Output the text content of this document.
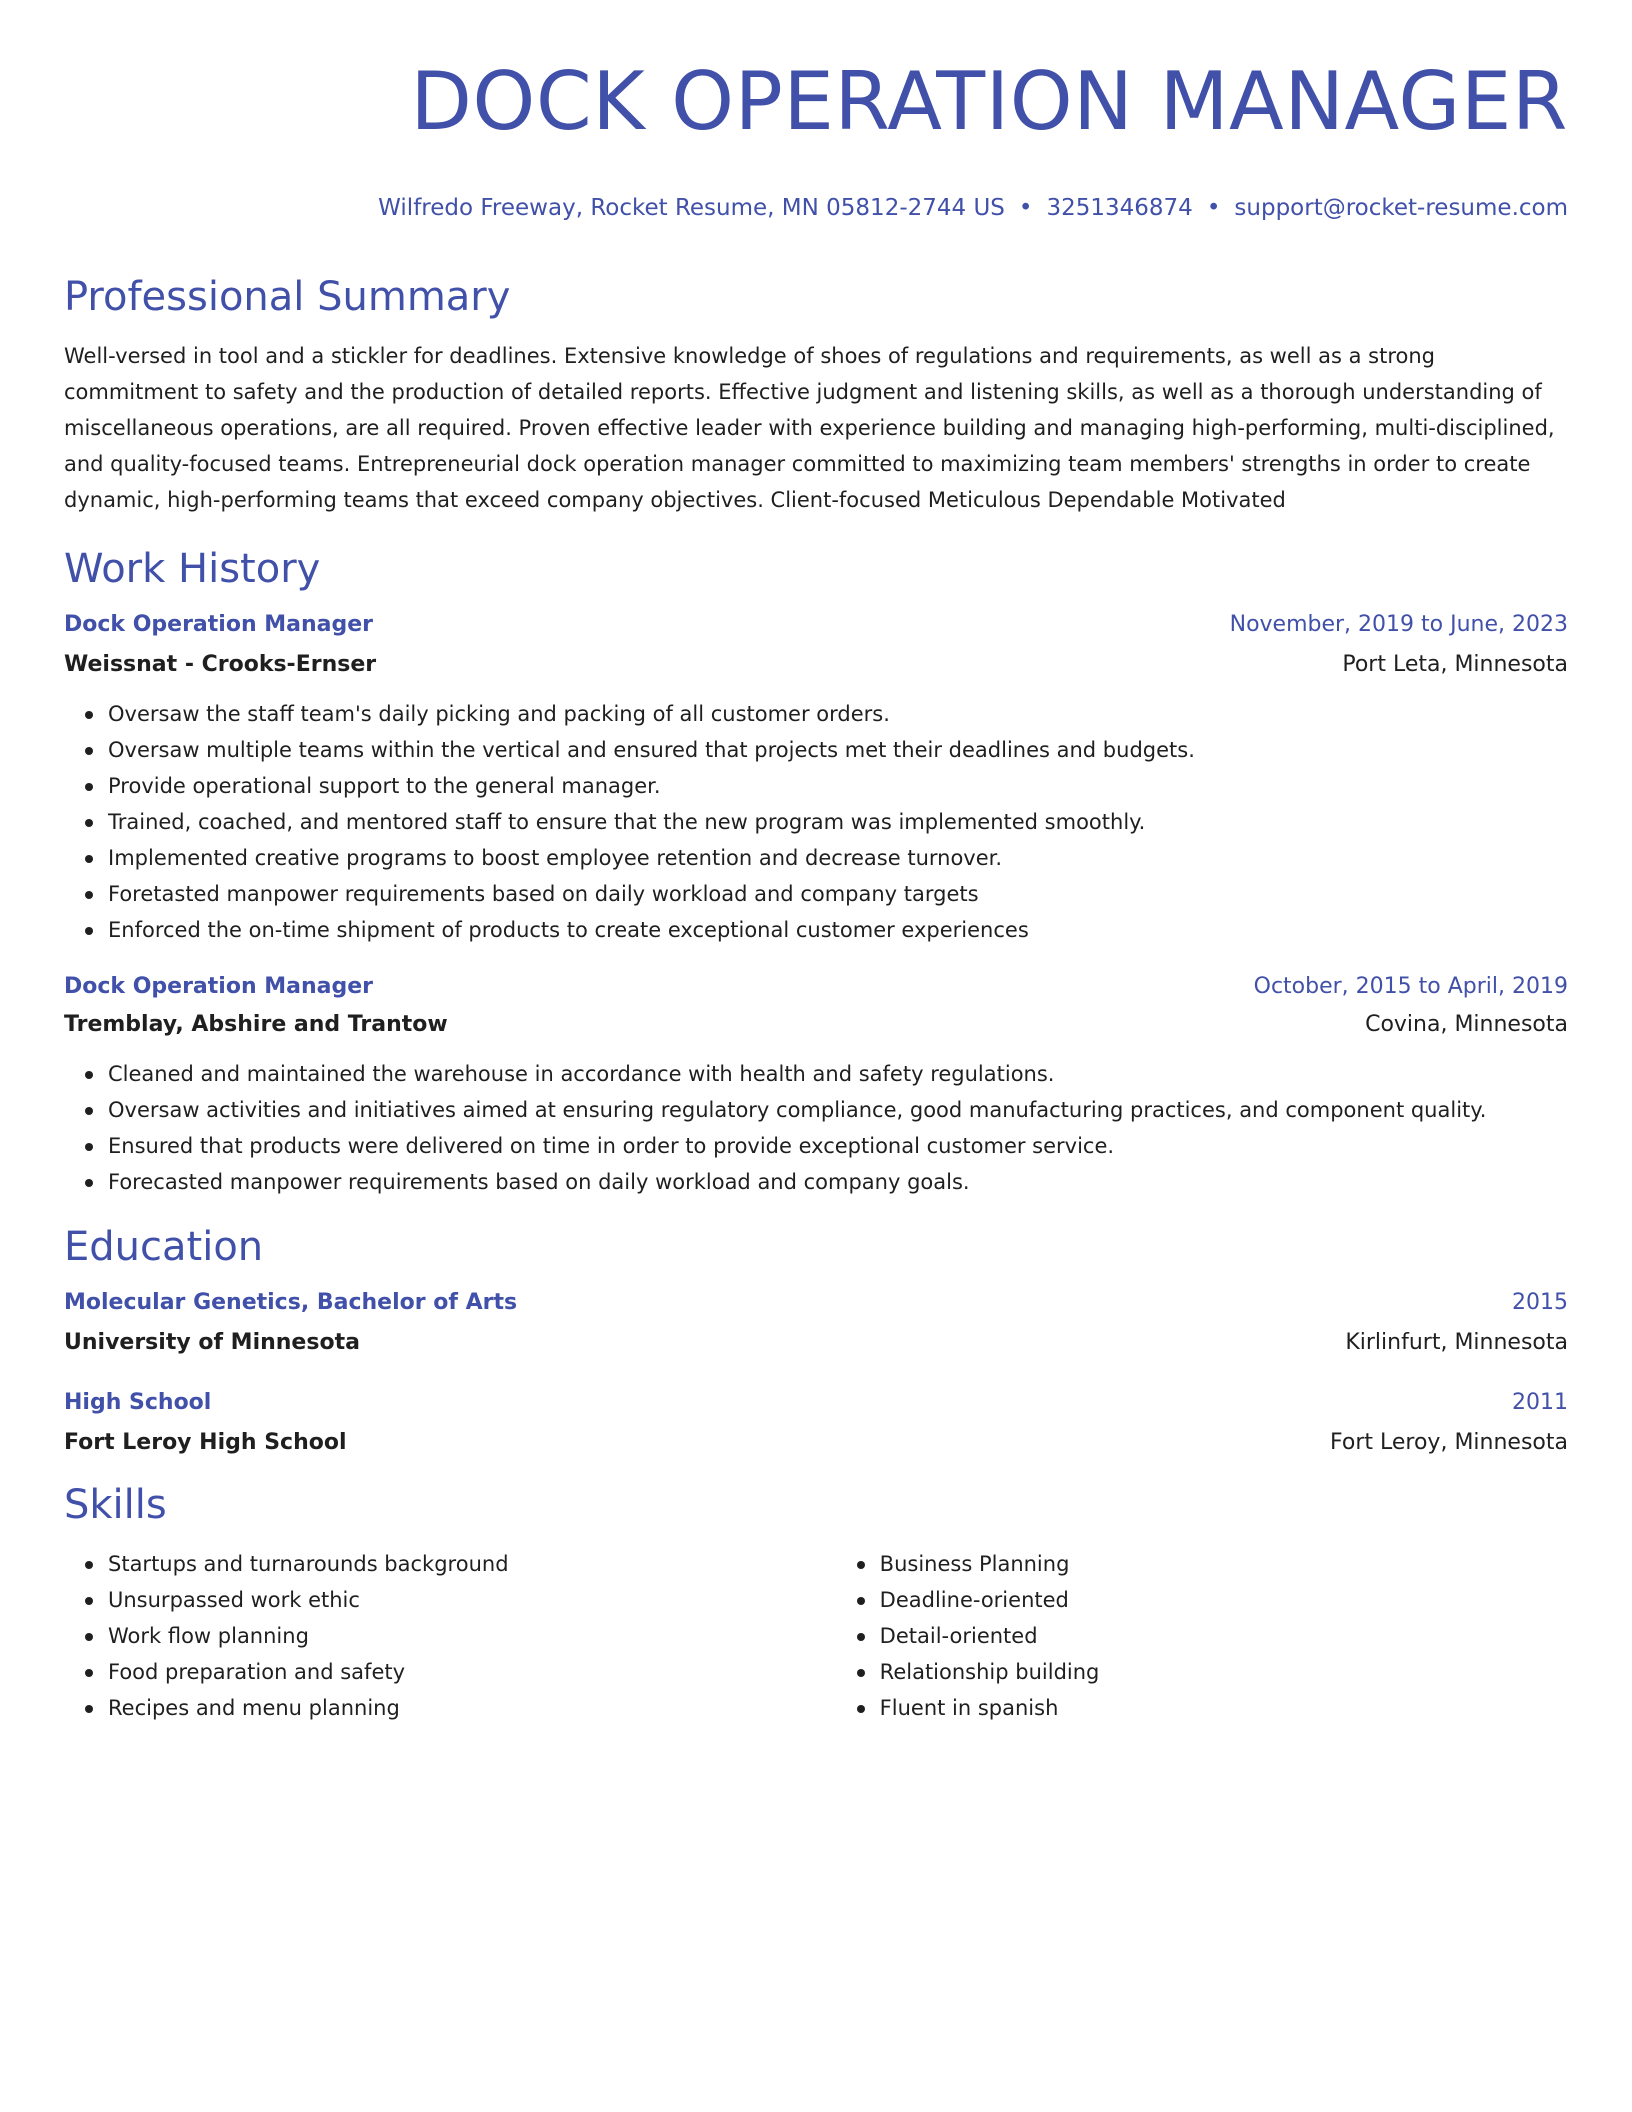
DOCK OPERATION MANAGER
Wilfredo Freeway, Rocket Resume, MN 05812-2744 US • 3251346874 • support@rocket-resume.com
Professional Summary
Well-versed in tool and a stickler for deadlines. Extensive knowledge of shoes of regulations and requirements, as well as a strong commitment to safety and the production of detailed reports. Effective judgment and listening skills, as well as a thorough understanding of miscellaneous operations, are all required. Proven effective leader with experience building and managing high-performing, multi-disciplined, and quality-focused teams. Entrepreneurial dock operation manager committed to maximizing team members' strengths in order to create dynamic, high-performing teams that exceed company objectives. Client-focused Meticulous Dependable Motivated
Work History
Dock Operation Manager	November, 2019 to June, 2023
Weissnat - Crooks-Ernser	Port Leta, Minnesota
Oversaw the staff team's daily picking and packing of all customer orders.
Oversaw multiple teams within the vertical and ensured that projects met their deadlines and budgets.
Provide operational support to the general manager.
Trained, coached, and mentored staff to ensure that the new program was implemented smoothly.
Implemented creative programs to boost employee retention and decrease turnover.
Foretasted manpower requirements based on daily workload and company targets
Enforced the on-time shipment of products to create exceptional customer experiences
Dock Operation Manager	October, 2015 to April, 2019
Tremblay, Abshire and Trantow	Covina, Minnesota
Cleaned and maintained the warehouse in accordance with health and safety regulations.
Oversaw activities and initiatives aimed at ensuring regulatory compliance, good manufacturing practices, and component quality.
Ensured that products were delivered on time in order to provide exceptional customer service.
Forecasted manpower requirements based on daily workload and company goals.
Education
Molecular Genetics, Bachelor of Arts	2015
University of Minnesota	Kirlinfurt, Minnesota
High School	2011
Fort Leroy High School	Fort Leroy, Minnesota
Skills
Startups and turnarounds background
Unsurpassed work ethic
Work flow planning
Food preparation and safety
Recipes and menu planning
Business Planning
Deadline-oriented
Detail-oriented
Relationship building
Fluent in spanish
